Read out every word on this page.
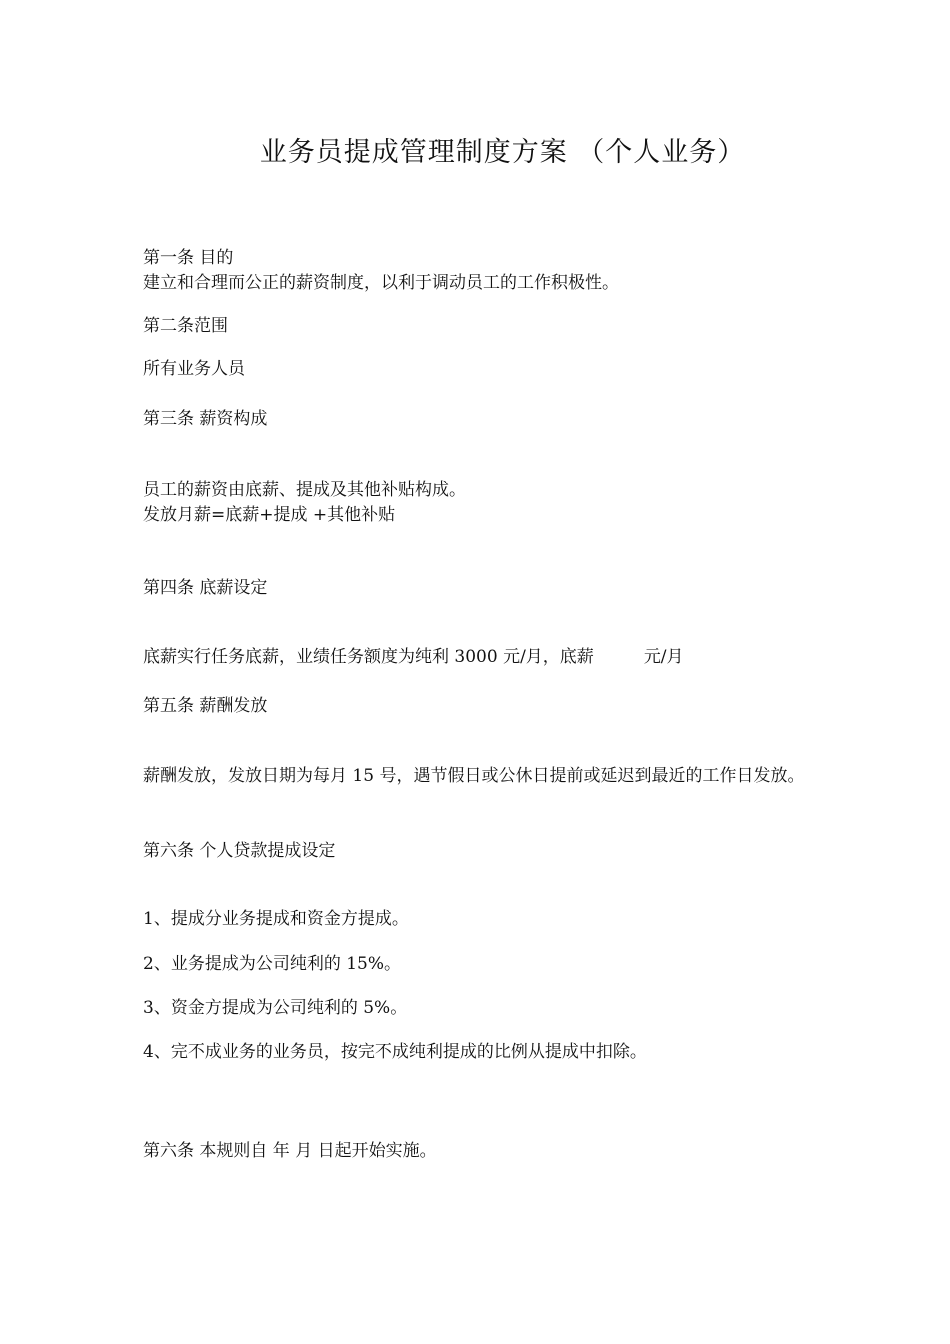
业务员提成管理制度方案 （个人业务）
第一条 目的
建立和合理而公正的薪资制度，以利于调动员工的工作积极性。
第二条范围
所有业务人员
第三条 薪资构成
员工的薪资由底薪、提成及其他补贴构成。
发放月薪=底薪+提成 +其他补贴
第四条 底薪设定
底薪实行任务底薪，业绩任务额度为纯利 3000 元/月，底薪	元/月
第五条 薪酬发放
薪酬发放，发放日期为每月 15 号，遇节假日或公休日提前或延迟到最近的工作日发放。
第六条 个人贷款提成设定
1、提成分业务提成和资金方提成。
2、业务提成为公司纯利的 15%。
3、资金方提成为公司纯利的 5%。
4、完不成业务的业务员，按完不成纯利提成的比例从提成中扣除。
第六条 本规则自 年 月 日起开始实施。
